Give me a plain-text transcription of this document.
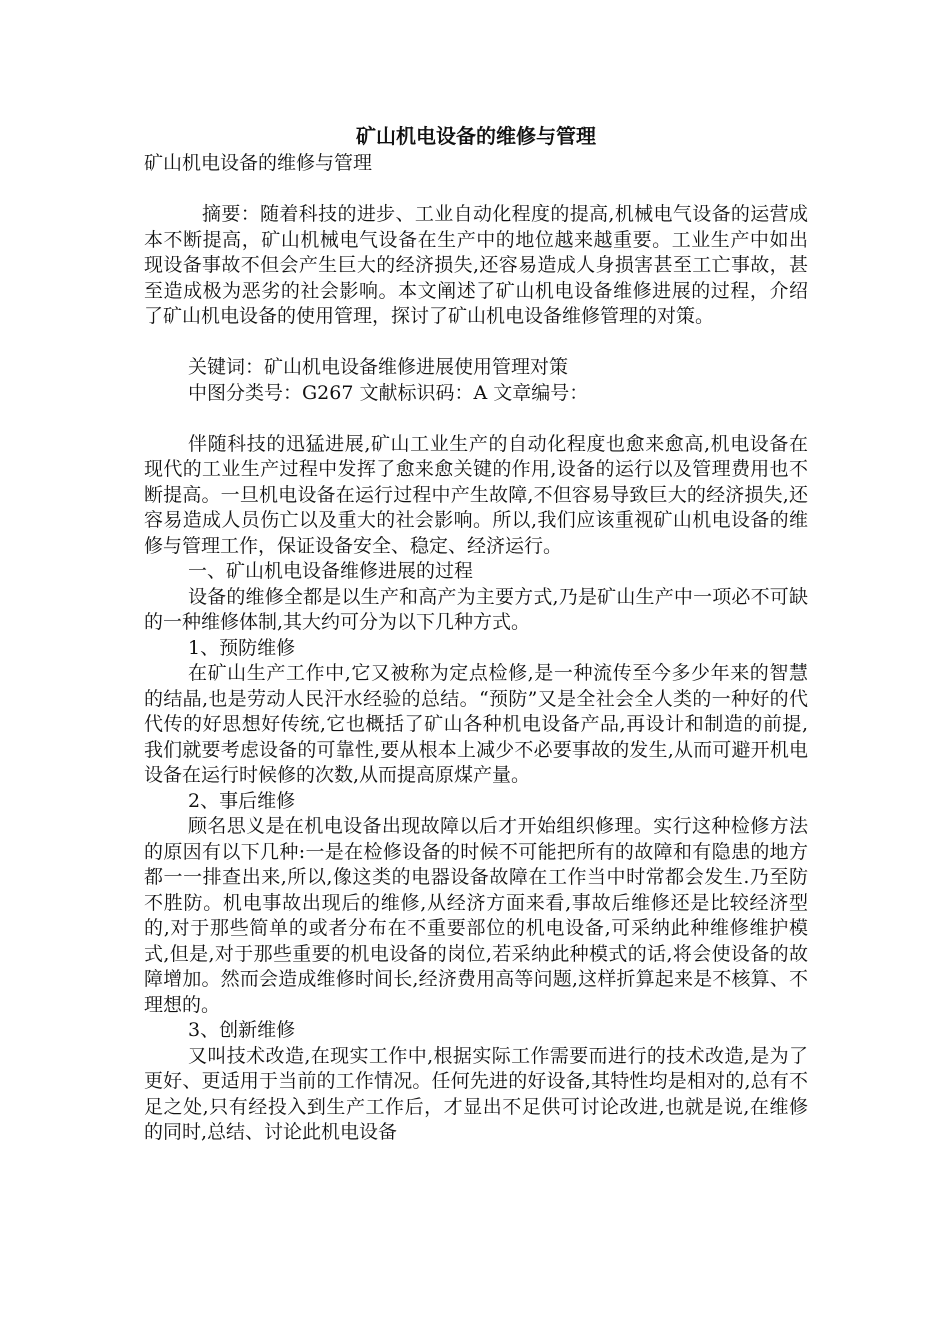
矿山机电设备的维修与管理

矿山机电设备的维修与管理

摘要：随着科技的进步、工业自动化程度的提高,机械电气设备的运营成本不断提高，矿山机械电气设备在生产中的地位越来越重要。工业生产中如出现设备事故不但会产生巨大的经济损失,还容易造成人身损害甚至工亡事故，甚至造成极为恶劣的社会影响。本文阐述了矿山机电设备维修进展的过程，介绍了矿山机电设备的使用管理，探讨了矿山机电设备维修管理的对策。

关键词：矿山机电设备维修进展使用管理对策

中图分类号：G267 文献标识码：A 文章编号：

伴随科技的迅猛进展,矿山工业生产的自动化程度也愈来愈高,机电设备在现代的工业生产过程中发挥了愈来愈关键的作用,设备的运行以及管理费用也不断提高。一旦机电设备在运行过程中产生故障,不但容易导致巨大的经济损失,还容易造成人员伤亡以及重大的社会影响。所以,我们应该重视矿山机电设备的维修与管理工作，保证设备安全、稳定、经济运行。

一、矿山机电设备维修进展的过程

设备的维修全都是以生产和高产为主要方式,乃是矿山生产中一项必不可缺的一种维修体制,其大约可分为以下几种方式。

1、预防维修

在矿山生产工作中,它又被称为定点检修,是一种流传至今多少年来的智慧的结晶,也是劳动人民汗水经验的总结。“预防”又是全社会全人类的一种好的代代传的好思想好传统,它也概括了矿山各种机电设备产品,再设计和制造的前提,我们就要考虑设备的可靠性,要从根本上减少不必要事故的发生,从而可避开机电设备在运行时候修的次数,从而提高原煤产量。

2、事后维修

顾名思义是在机电设备出现故障以后才开始组织修理。实行这种检修方法的原因有以下几种:一是在检修设备的时候不可能把所有的故障和有隐患的地方都一一排查出来,所以,像这类的电器设备故障在工作当中时常都会发生.乃至防不胜防。机电事故出现后的维修,从经济方面来看,事故后维修还是比较经济型的,对于那些简单的或者分布在不重要部位的机电设备,可采纳此种维修维护模式,但是,对于那些重要的机电设备的岗位,若采纳此种模式的话,将会使设备的故障增加。然而会造成维修时间长,经济费用高等问题,这样折算起来是不核算、不理想的。

3、创新维修

又叫技术改造,在现实工作中,根据实际工作需要而进行的技术改造,是为了更好、更适用于当前的工作情况。任何先进的好设备,其特性均是相对的,总有不足之处,只有经投入到生产工作后，才显出不足供可讨论改进,也就是说,在维修的同时,总结、讨论此机电设备
